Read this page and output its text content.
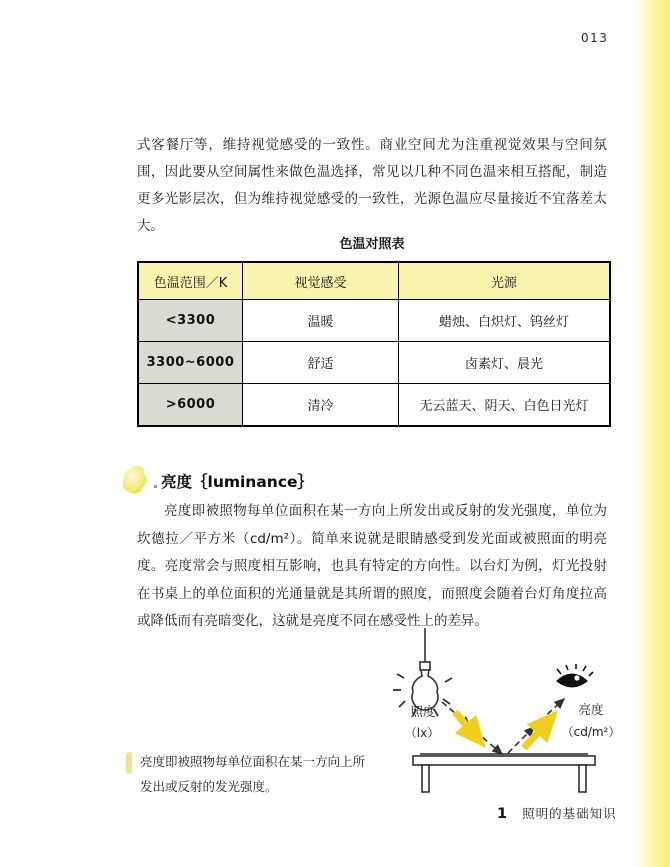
013
式客餐厅等，维持视觉感受的一致性。商业空间尤为注重视觉效果与空间氛围，因此要从空间属性来做色温选择，常见以几种不同色温来相互搭配，制造更多光影层次，但为维持视觉感受的一致性，光源色温应尽量接近不宜落差太大。
色温对照表
色温范围／K	视觉感受	光源
<3300	温暖	蜡烛、白炽灯、钨丝灯
3300~6000	舒适	卤素灯、晨光
>6000	清冷	无云蓝天、阴天、白色日光灯
亮度｛luminance｝
亮度即被照物每单位面积在某一方向上所发出或反射的发光强度，单位为坎德拉／平方米（cd/m²）。简单来说就是眼睛感受到发光面或被照面的明亮度。亮度常会与照度相互影响，也具有特定的方向性。以台灯为例，灯光投射在书桌上的单位面积的光通量就是其所谓的照度，而照度会随着台灯角度拉高或降低而有亮暗变化，这就是亮度不同在感受性上的差异。
照度
（lx）
亮度
（cd/m²）
亮度即被照物每单位面积在某一方向上所发出或反射的发光强度。
1 照明的基础知识
